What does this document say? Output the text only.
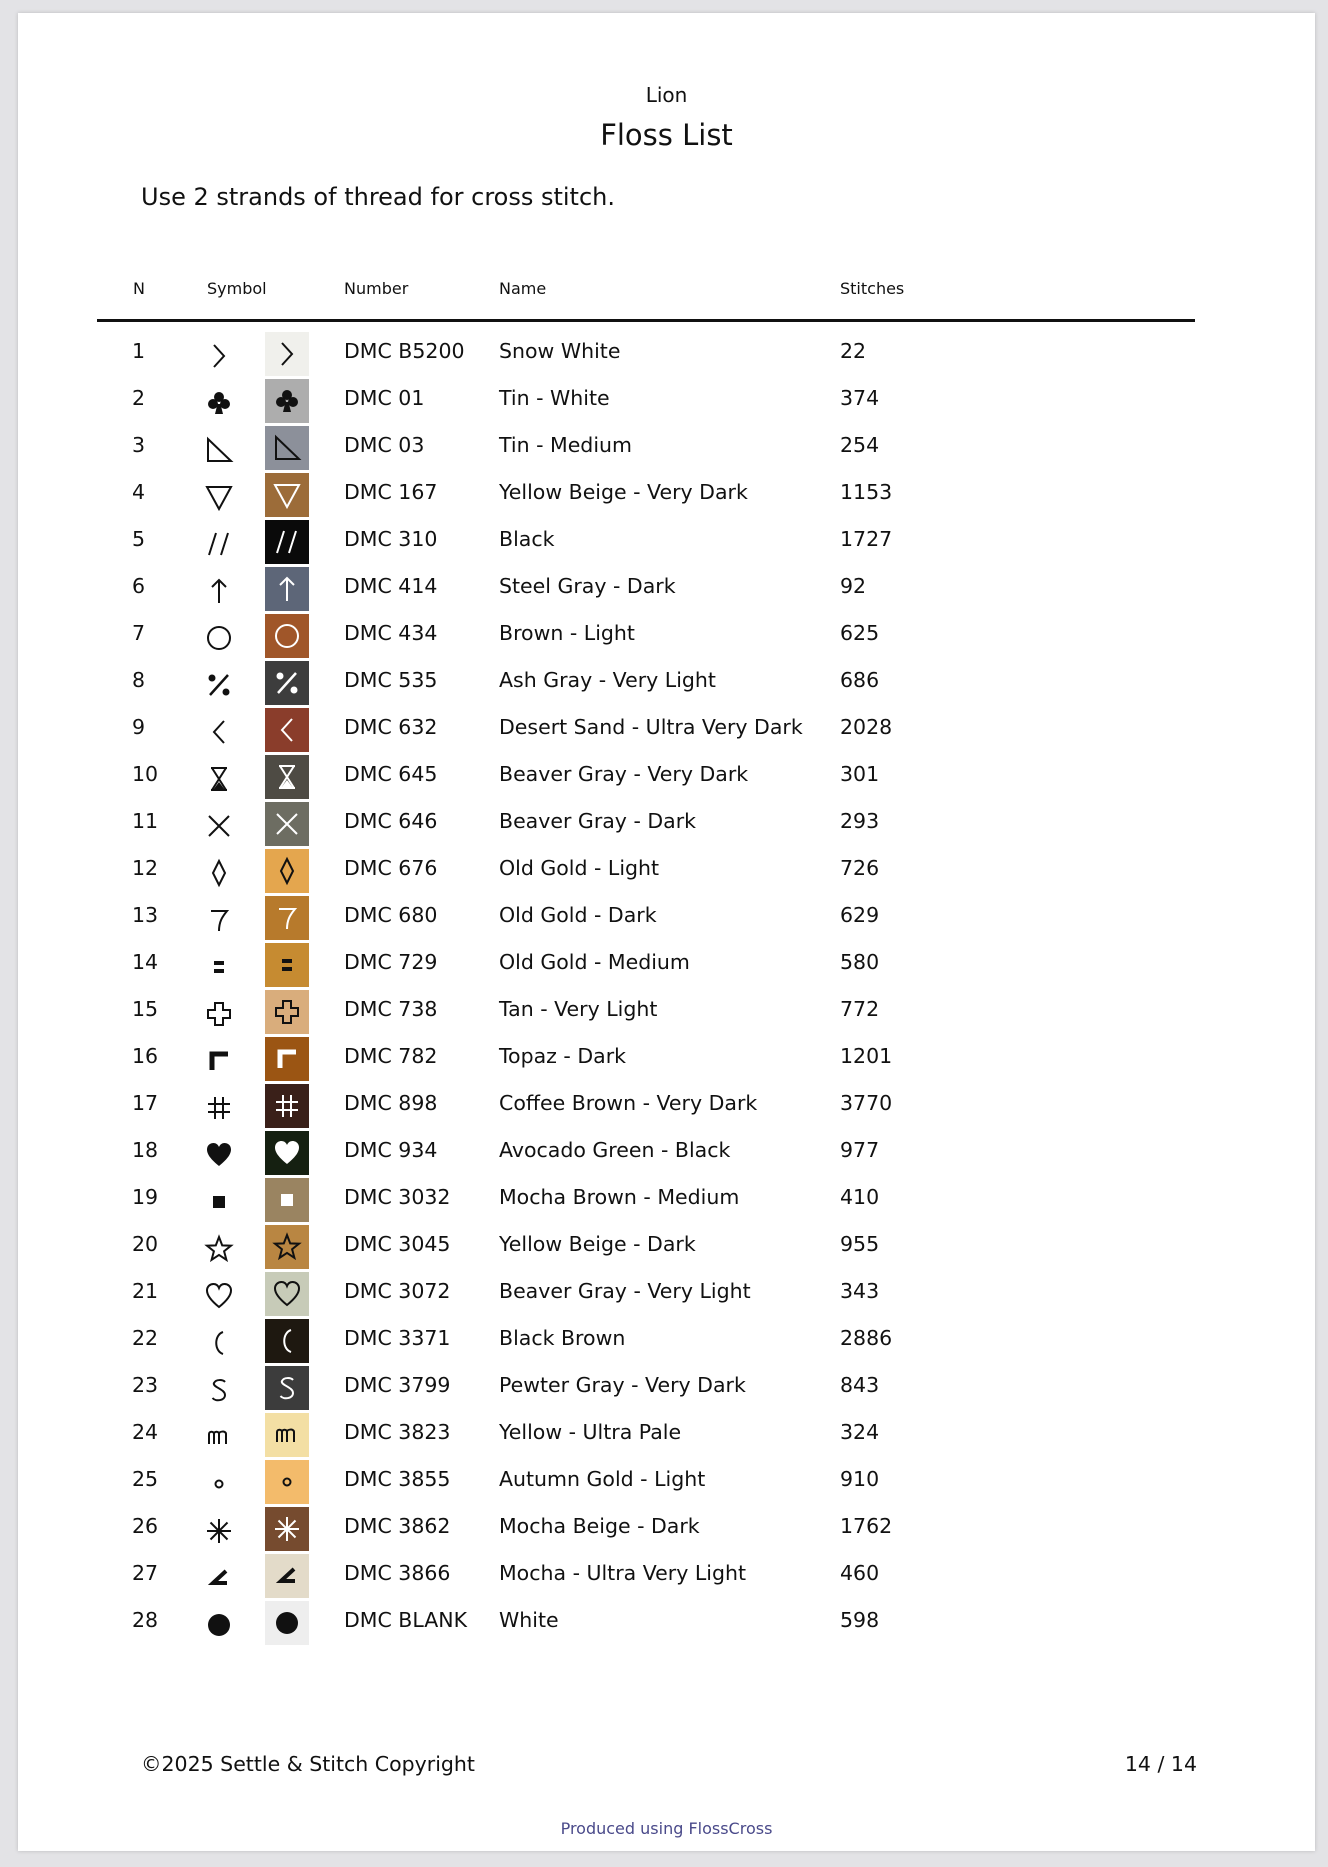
Lion
Floss List
Use 2 strands of thread for cross stitch.
N	Symbol	Number	Name	Stitches
1	DMC B5200 Snow White	22
2	DMC 01	Tin - White	374
3	DMC 03	Tin - Medium	254
4	DMC 167	Yellow Beige - Very Dark	1153
5	DMC 310	Black	1727
6	DMC 414	Steel Gray - Dark	92
7	DMC 434	Brown - Light	625
8	DMC 535	Ash Gray - Very Light	686
9	DMC 632	Desert Sand - Ultra Very Dark 2028
10	DMC 645	Beaver Gray - Very Dark	301
11	DMC 646	Beaver Gray - Dark	293
12	DMC 676	Old Gold - Light	726
13	DMC 680	Old Gold - Dark	629
14	DMC 729	Old Gold - Medium	580
15	DMC 738	Tan - Very Light	772
16	DMC 782	Topaz - Dark	1201
17	DMC 898	Coffee Brown - Very Dark	3770
18	DMC 934	Avocado Green - Black	977
19	DMC 3032 Mocha Brown - Medium	410
20	DMC 3045 Yellow Beige - Dark	955
21	DMC 3072 Beaver Gray - Very Light	343
22	DMC 3371 Black Brown	2886
23	DMC 3799 Pewter Gray - Very Dark	843
24	DMC 3823 Yellow - Ultra Pale	324
25	DMC 3855 Autumn Gold - Light	910
26	DMC 3862 Mocha Beige - Dark	1762
27	DMC 3866 Mocha - Ultra Very Light	460
28	DMC BLANK White	598
©2025 Settle & Stitch Copyright	14 / 14
Produced using FlossCross
